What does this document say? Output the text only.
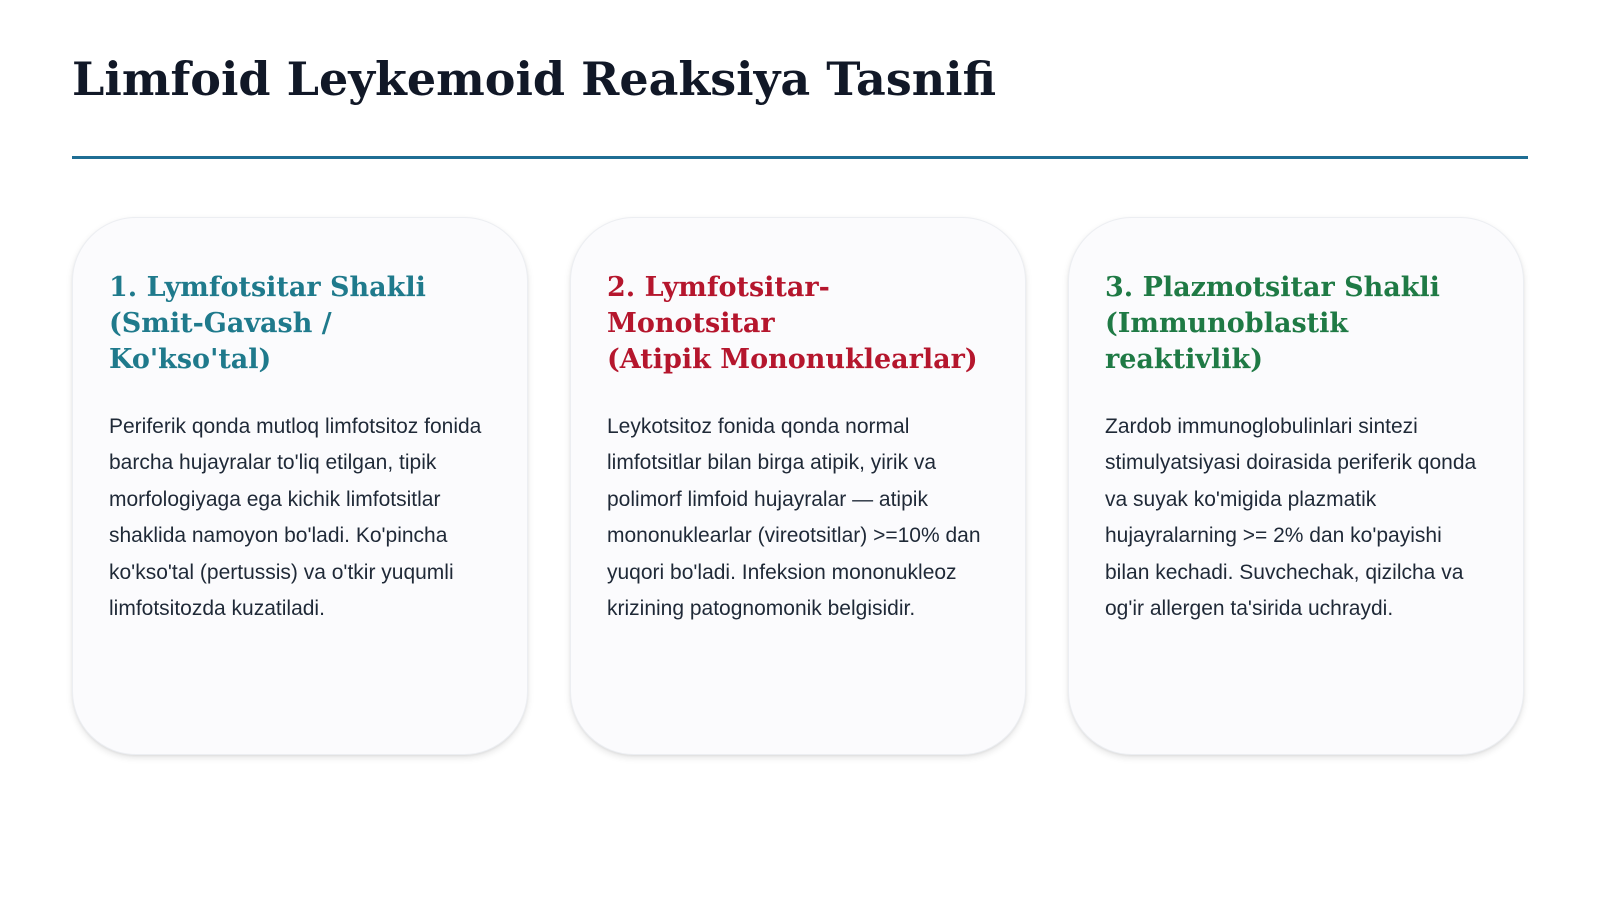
Limfoid Leykemoid Reaksiya Tasnifi
1. Lymfotsitar Shakli
(Smit-Gavash /
Ko'kso'tal)

Periferik qonda mutloq limfotsitoz fonida barcha hujayralar to'liq etilgan, tipik morfologiyaga ega kichik limfotsitlar shaklida namoyon bo'ladi. Ko'pincha ko'kso'tal (pertussis) va o'tkir yuqumli limfotsitozda kuzatiladi.

2. Lymfotsitar-
Monotsitar
(Atipik Mononuklearlar)

Leykotsitoz fonida qonda normal limfotsitlar bilan birga atipik, yirik va polimorf limfoid hujayralar — atipik mononuklearlar (vireotsitlar) >=10% dan yuqori bo'ladi. Infeksion mononukleoz krizining patognomonik belgisidir.

3. Plazmotsitar Shakli
(Immunoblastik
reaktivlik)

Zardob immunoglobulinlari sintezi stimulyatsiyasi doirasida periferik qonda va suyak ko'migida plazmatik hujayralarning >= 2% dan ko'payishi bilan kechadi. Suvchechak, qizilcha va og'ir allergen ta'sirida uchraydi.
